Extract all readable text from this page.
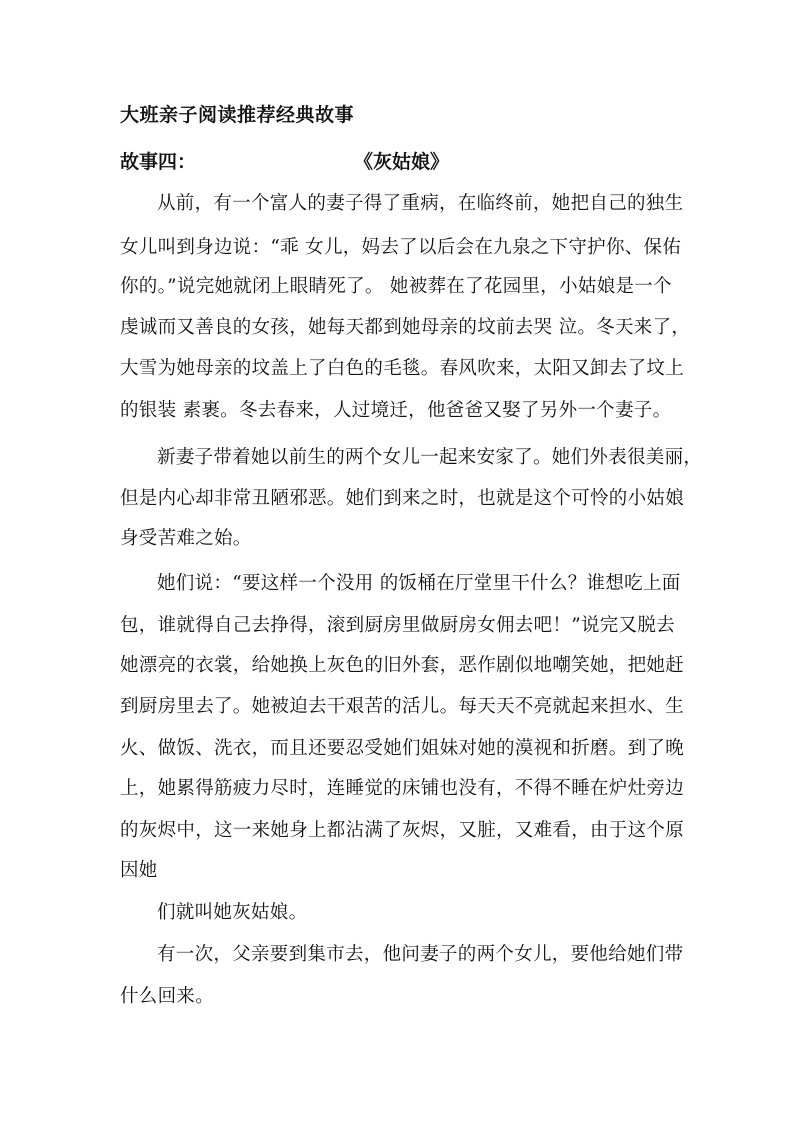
大班亲子阅读推荐经典故事
故事四：	《灰姑娘》
从前，有一个富人的妻子得了重病，在临终前，她把自己的独生
女儿叫到身边说：“乖 女儿，妈去了以后会在九泉之下守护你、保佑
你的。”说完她就闭上眼睛死了。 她被葬在了花园里，小姑娘是一个
虔诚而又善良的女孩，她每天都到她母亲的坟前去哭 泣。冬天来了，
大雪为她母亲的坟盖上了白色的毛毯。春风吹来，太阳又卸去了坟上
的银装 素裹。冬去春来，人过境迁，他爸爸又娶了另外一个妻子。
新妻子带着她以前生的两个女儿一起来安家了。她们外表很美丽，
但是内心却非常丑陋邪恶。她们到来之时，也就是这个可怜的小姑娘
身受苦难之始。
她们说：“要这样一个没用 的饭桶在厅堂里干什么？谁想吃上面
包，谁就得自己去挣得，滚到厨房里做厨房女佣去吧！”说完又脱去
她漂亮的衣裳，给她换上灰色的旧外套，恶作剧似地嘲笑她，把她赶
到厨房里去了。她被迫去干艰苦的活儿。每天天不亮就起来担水、生
火、做饭、洗衣，而且还要忍受她们姐妹对她的漠视和折磨。到了晚
上，她累得筋疲力尽时，连睡觉的床铺也没有，不得不睡在炉灶旁边
的灰烬中，这一来她身上都沾满了灰烬，又脏，又难看，由于这个原
因她
们就叫她灰姑娘。
有一次，父亲要到集市去，他问妻子的两个女儿，要他给她们带
什么回来。
